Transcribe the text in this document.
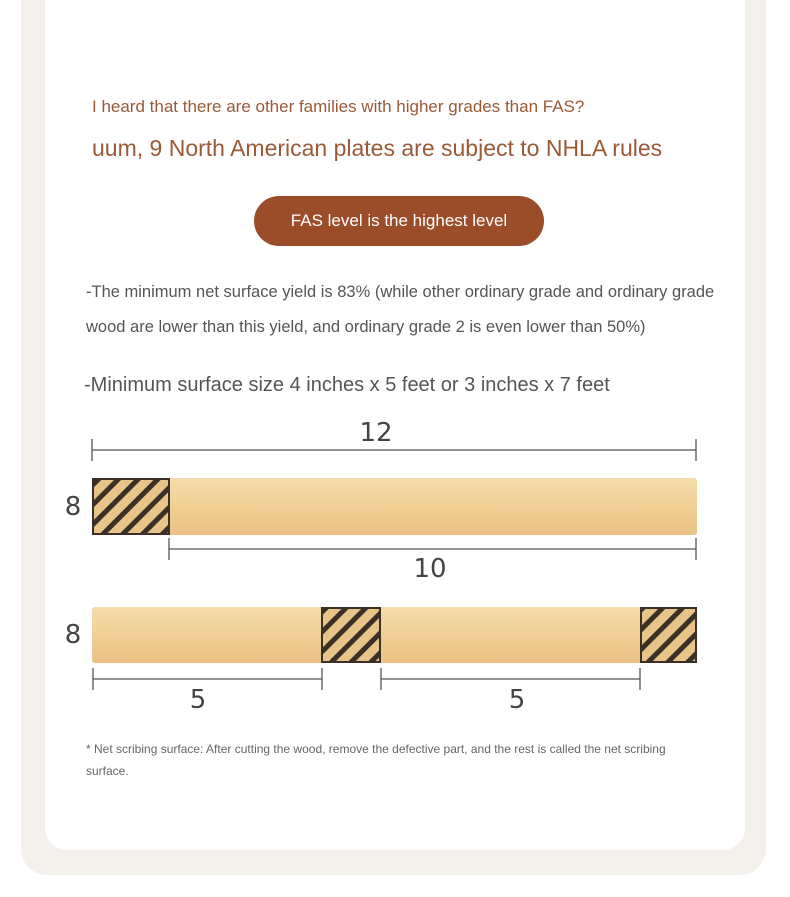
I heard that there are other families with higher grades than FAS?
uum, 9 North American plates are subject to NHLA rules
FAS level is the highest level
-The minimum net surface yield is 83% (while other ordinary grade and ordinary grade wood are lower than this yield, and ordinary grade 2 is even lower than 50%)
-Minimum surface size 4 inches x 5 feet or 3 inches x 7 feet
12
8
10
8
5	5
* Net scribing surface: After cutting the wood, remove the defective part, and the rest is called the net scribing surface.
